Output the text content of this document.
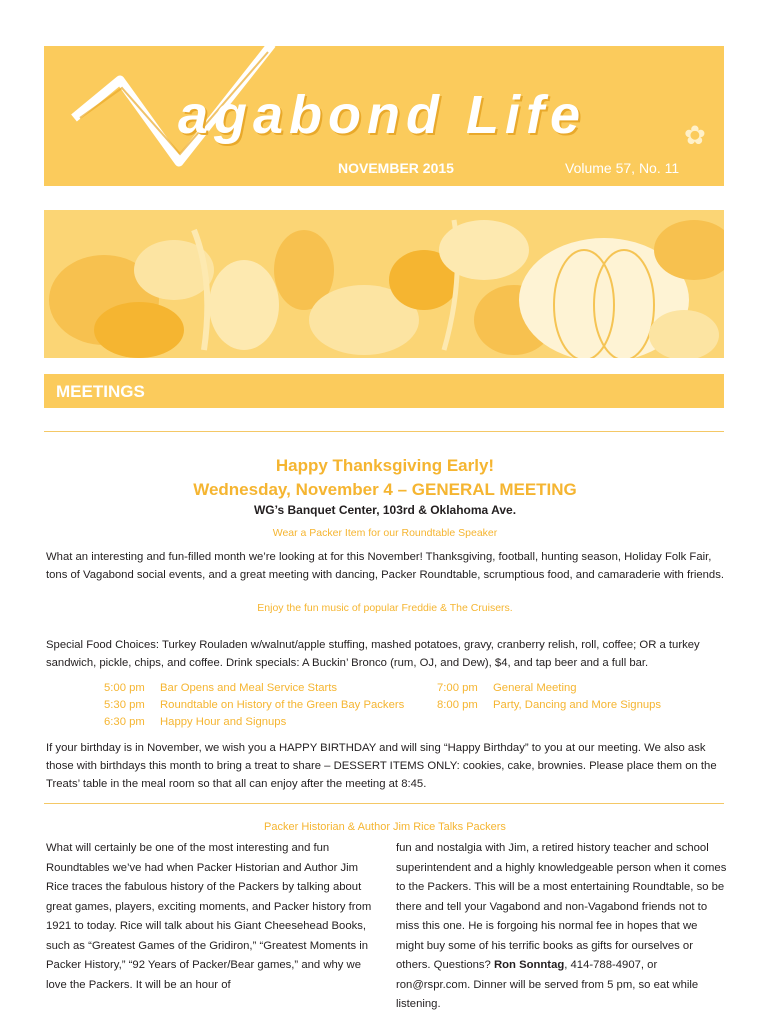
✿
agabond Life
NOVEMBER 2015	Volume 57, No. 11
MEETINGS
Happy Thanksgiving Early!
Wednesday, November 4 – GENERAL MEETING
WG’s Banquet Center, 103rd & Oklahoma Ave.
Wear a Packer Item for our Roundtable Speaker
What an interesting and fun-filled month we’re looking at for this November! Thanksgiving, football, hunting season, Holiday Folk Fair, tons of Vagabond social events, and a great meeting with dancing, Packer Roundtable, scrumptious food, and camaraderie with friends.
Enjoy the fun music of popular Freddie & The Cruisers.
Special Food Choices: Turkey Rouladen w/walnut/apple stuffing, mashed potatoes, gravy, cranberry relish, roll, coffee; OR a turkey sandwich, pickle, chips, and coffee. Drink specials: A Buckin’ Bronco (rum, OJ, and Dew), $4, and tap beer and a full bar.
5:00 pm Bar Opens and Meal Service Starts
5:30 pm Roundtable on History of the Green Bay Packers
6:30 pm Happy Hour and Signups
7:00 pm General Meeting
8:00 pm Party, Dancing and More Signups
If your birthday is in November, we wish you a HAPPY BIRTHDAY and will sing “Happy Birthday” to you at our meeting. We also ask those with birthdays this month to bring a treat to share – DESSERT ITEMS ONLY: cookies, cake, brownies. Please place them on the Treats’ table in the meal room so that all can enjoy after the meeting at 8:45.
Packer Historian & Author Jim Rice Talks Packers
What will certainly be one of the most interesting and fun Roundtables we’ve had when Packer Historian and Author Jim Rice traces the fabulous history of the Packers by talking about great games, players, exciting moments, and Packer history from 1921 to today. Rice will talk about his Giant Cheesehead Books, such as “Greatest Games of the Gridiron,” “Greatest Moments in Packer History,” “92 Years of Packer/Bear games,” and why we love the Packers. It will be an hour of
fun and nostalgia with Jim, a retired history teacher and school superintendent and a highly knowledgeable person when it comes to the Packers. This will be a most entertaining Roundtable, so be there and tell your Vagabond and non-Vagabond friends not to miss this one. He is forgoing his normal fee in hopes that we might buy some of his terrific books as gifts for ourselves or others. Questions? Ron Sonntag, 414-788-4907, or ron@rspr.com. Dinner will be served from 5 pm, so eat while listening.
